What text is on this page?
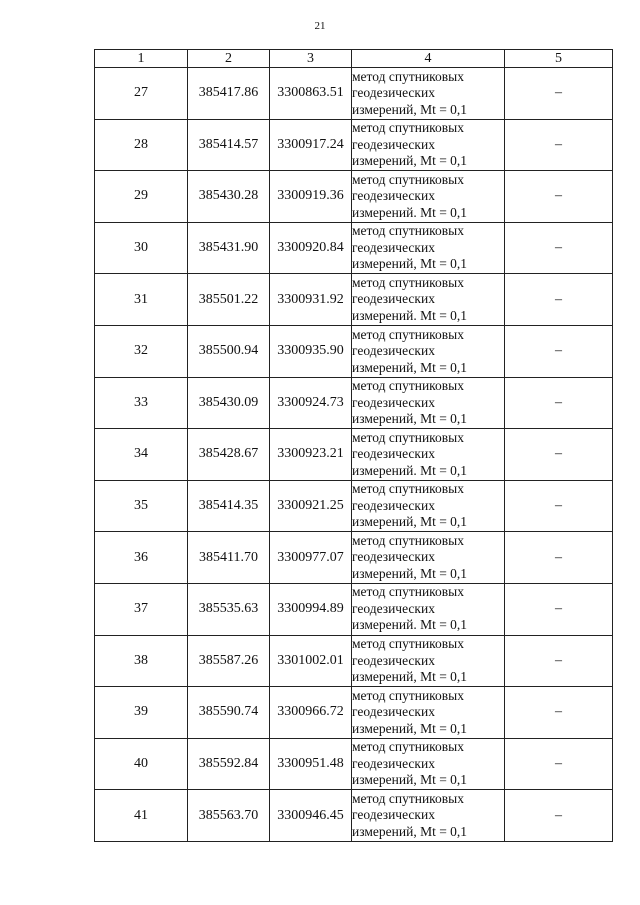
21
1	2	3	4	5
27	385417.86	3300863.51	метод спутниковых
геодезических
измерений, Mt = 0,1	–
28	385414.57	3300917.24	метод спутниковых
геодезических
измерений, Mt = 0,1	–
29	385430.28	3300919.36	метод спутниковых
геодезических
измерений. Mt = 0,1	–
30	385431.90	3300920.84	метод спутниковых
геодезических
измерений, Mt = 0,1	–
31	385501.22	3300931.92	метод спутниковых
геодезических
измерений. Mt = 0,1	–
32	385500.94	3300935.90	метод спутниковых
геодезических
измерений, Mt = 0,1	–
33	385430.09	3300924.73	метод спутниковых
геодезических
измерений, Mt = 0,1	–
34	385428.67	3300923.21	метод спутниковых
геодезических
измерений. Mt = 0,1	–
35	385414.35	3300921.25	метод спутниковых
геодезических
измерений, Mt = 0,1	–
36	385411.70	3300977.07	метод спутниковых
геодезических
измерений, Mt = 0,1	–
37	385535.63	3300994.89	метод спутниковых
геодезических
измерений. Mt = 0,1	–
38	385587.26	3301002.01	метод спутниковых
геодезических
измерений, Mt = 0,1	–
39	385590.74	3300966.72	метод спутниковых
геодезических
измерений, Mt = 0,1	–
40	385592.84	3300951.48	метод спутниковых
геодезических
измерений, Mt = 0,1	–
41	385563.70	3300946.45	метод спутниковых
геодезических
измерений, Mt = 0,1	–
